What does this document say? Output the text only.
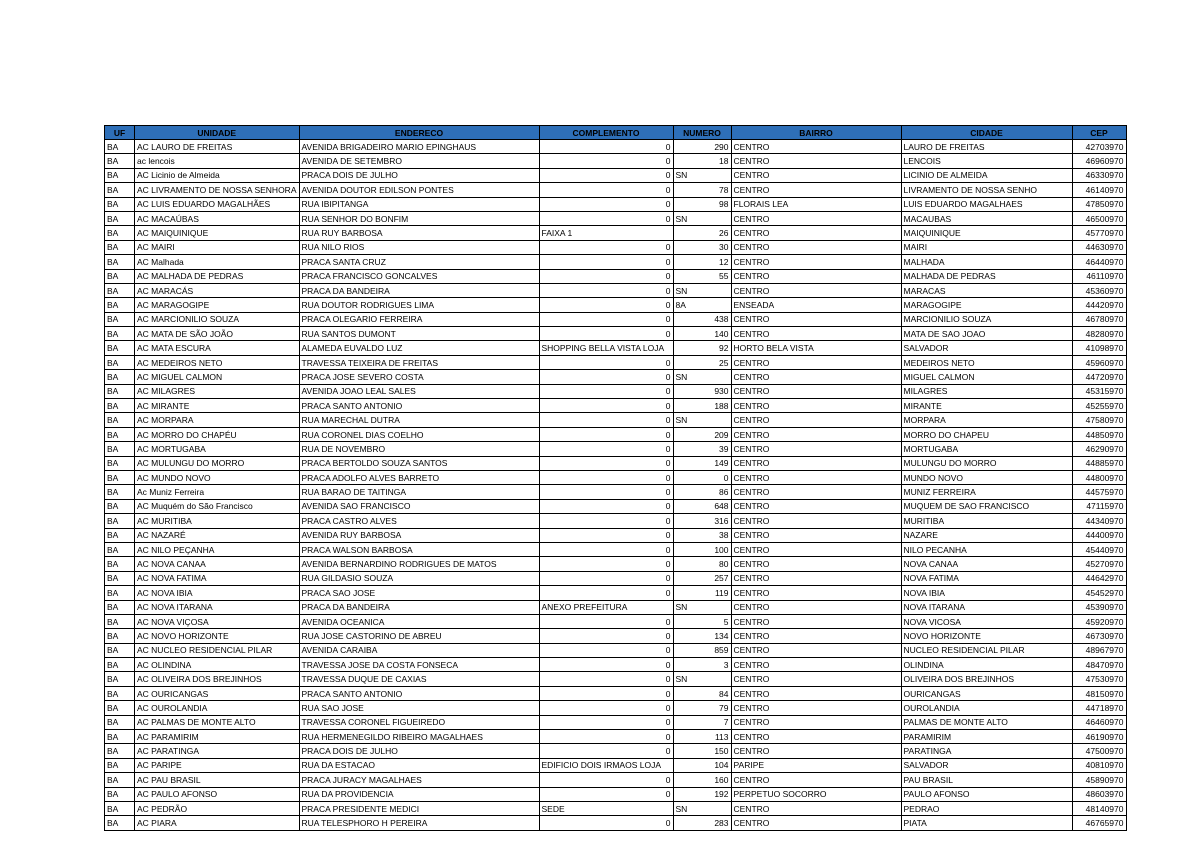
UF	UNIDADE	ENDERECO	COMPLEMENTO	NUMERO	BAIRRO	CIDADE	CEP
BA	AC LAURO DE FREITAS	AVENIDA BRIGADEIRO MARIO EPINGHAUS	0	290	CENTRO	LAURO DE FREITAS	42703970
BA	ac lencois	AVENIDA DE SETEMBRO	0	18	CENTRO	LENCOIS	46960970
BA	AC Licinio de Almeida	PRACA DOIS DE JULHO	0	SN	CENTRO	LICINIO DE ALMEIDA	46330970
BA	AC LIVRAMENTO DE NOSSA SENHORA	AVENIDA DOUTOR EDILSON PONTES	0	78	CENTRO	LIVRAMENTO DE NOSSA SENHO	46140970
BA	AC LUIS EDUARDO MAGALHÃES	RUA IBIPITANGA	0	98	FLORAIS LEA	LUIS EDUARDO MAGALHAES	47850970
BA	AC MACAÚBAS	RUA SENHOR DO BONFIM	0	SN	CENTRO	MACAUBAS	46500970
BA	AC MAIQUINIQUE	RUA RUY BARBOSA	FAIXA 1	26	CENTRO	MAIQUINIQUE	45770970
BA	AC MAIRI	RUA NILO RIOS	0	30	CENTRO	MAIRI	44630970
BA	AC Malhada	PRACA SANTA CRUZ	0	12	CENTRO	MALHADA	46440970
BA	AC MALHADA DE PEDRAS	PRACA FRANCISCO GONCALVES	0	55	CENTRO	MALHADA DE PEDRAS	46110970
BA	AC MARACÁS	PRACA DA BANDEIRA	0	SN	CENTRO	MARACAS	45360970
BA	AC MARAGOGIPE	RUA DOUTOR RODRIGUES LIMA	0	8A	ENSEADA	MARAGOGIPE	44420970
BA	AC MARCIONILIO SOUZA	PRACA OLEGARIO FERREIRA	0	438	CENTRO	MARCIONILIO SOUZA	46780970
BA	AC MATA DE SÃO JOÃO	RUA SANTOS DUMONT	0	140	CENTRO	MATA DE SAO JOAO	48280970
BA	AC MATA ESCURA	ALAMEDA EUVALDO LUZ	SHOPPING BELLA VISTA LOJA	92	HORTO BELA VISTA	SALVADOR	41098970
BA	AC MEDEIROS NETO	TRAVESSA TEIXEIRA DE FREITAS	0	25	CENTRO	MEDEIROS NETO	45960970
BA	AC MIGUEL CALMON	PRACA JOSE SEVERO COSTA	0	SN	CENTRO	MIGUEL CALMON	44720970
BA	AC MILAGRES	AVENIDA JOAO LEAL SALES	0	930	CENTRO	MILAGRES	45315970
BA	AC MIRANTE	PRACA SANTO ANTONIO	0	188	CENTRO	MIRANTE	45255970
BA	AC MORPARA	RUA MARECHAL DUTRA	0	SN	CENTRO	MORPARA	47580970
BA	AC MORRO DO CHAPÉU	RUA CORONEL DIAS COELHO	0	209	CENTRO	MORRO DO CHAPEU	44850970
BA	AC MORTUGABA	RUA DE NOVEMBRO	0	39	CENTRO	MORTUGABA	46290970
BA	AC MULUNGU DO MORRO	PRACA BERTOLDO SOUZA SANTOS	0	149	CENTRO	MULUNGU DO MORRO	44885970
BA	AC MUNDO NOVO	PRACA ADOLFO ALVES BARRETO	0	0	CENTRO	MUNDO NOVO	44800970
BA	Ac Muniz Ferreira	RUA BARAO DE TAITINGA	0	86	CENTRO	MUNIZ FERREIRA	44575970
BA	AC Muquém do São Francisco	AVENIDA SAO FRANCISCO	0	648	CENTRO	MUQUEM DE SAO FRANCISCO	47115970
BA	AC MURITIBA	PRACA CASTRO ALVES	0	316	CENTRO	MURITIBA	44340970
BA	AC NAZARÉ	AVENIDA RUY BARBOSA	0	38	CENTRO	NAZARE	44400970
BA	AC NILO PEÇANHA	PRACA WALSON BARBOSA	0	100	CENTRO	NILO PECANHA	45440970
BA	AC NOVA CANAA	AVENIDA BERNARDINO RODRIGUES DE MATOS	0	80	CENTRO	NOVA CANAA	45270970
BA	AC NOVA FATIMA	RUA GILDASIO SOUZA	0	257	CENTRO	NOVA FATIMA	44642970
BA	AC NOVA IBIA	PRACA SAO JOSE	0	119	CENTRO	NOVA IBIA	45452970
BA	AC NOVA ITARANA	PRACA DA BANDEIRA	ANEXO PREFEITURA	SN	CENTRO	NOVA ITARANA	45390970
BA	AC NOVA VIÇOSA	AVENIDA OCEANICA	0	5	CENTRO	NOVA VICOSA	45920970
BA	AC NOVO HORIZONTE	RUA JOSE CASTORINO DE ABREU	0	134	CENTRO	NOVO HORIZONTE	46730970
BA	AC NUCLEO RESIDENCIAL PILAR	AVENIDA CARAIBA	0	859	CENTRO	NUCLEO RESIDENCIAL PILAR	48967970
BA	AC OLINDINA	TRAVESSA JOSE DA COSTA FONSECA	0	3	CENTRO	OLINDINA	48470970
BA	AC OLIVEIRA DOS BREJINHOS	TRAVESSA DUQUE DE CAXIAS	0	SN	CENTRO	OLIVEIRA DOS BREJINHOS	47530970
BA	AC OURICANGAS	PRACA SANTO ANTONIO	0	84	CENTRO	OURICANGAS	48150970
BA	AC OUROLANDIA	RUA SAO JOSE	0	79	CENTRO	OUROLANDIA	44718970
BA	AC PALMAS DE MONTE ALTO	TRAVESSA CORONEL FIGUEIREDO	0	7	CENTRO	PALMAS DE MONTE ALTO	46460970
BA	AC PARAMIRIM	RUA HERMENEGILDO RIBEIRO MAGALHAES	0	113	CENTRO	PARAMIRIM	46190970
BA	AC PARATINGA	PRACA DOIS DE JULHO	0	150	CENTRO	PARATINGA	47500970
BA	AC PARIPE	RUA DA ESTACAO	EDIFICIO DOIS IRMAOS LOJA	104	PARIPE	SALVADOR	40810970
BA	AC PAU BRASIL	PRACA JURACY MAGALHAES	0	160	CENTRO	PAU BRASIL	45890970
BA	AC PAULO AFONSO	RUA DA PROVIDENCIA	0	192	PERPETUO SOCORRO	PAULO AFONSO	48603970
BA	AC PEDRÃO	PRACA PRESIDENTE MEDICI	SEDE	SN	CENTRO	PEDRAO	48140970
BA	AC PIARA	RUA TELESPHORO H PEREIRA	0	283	CENTRO	PIATA	46765970
